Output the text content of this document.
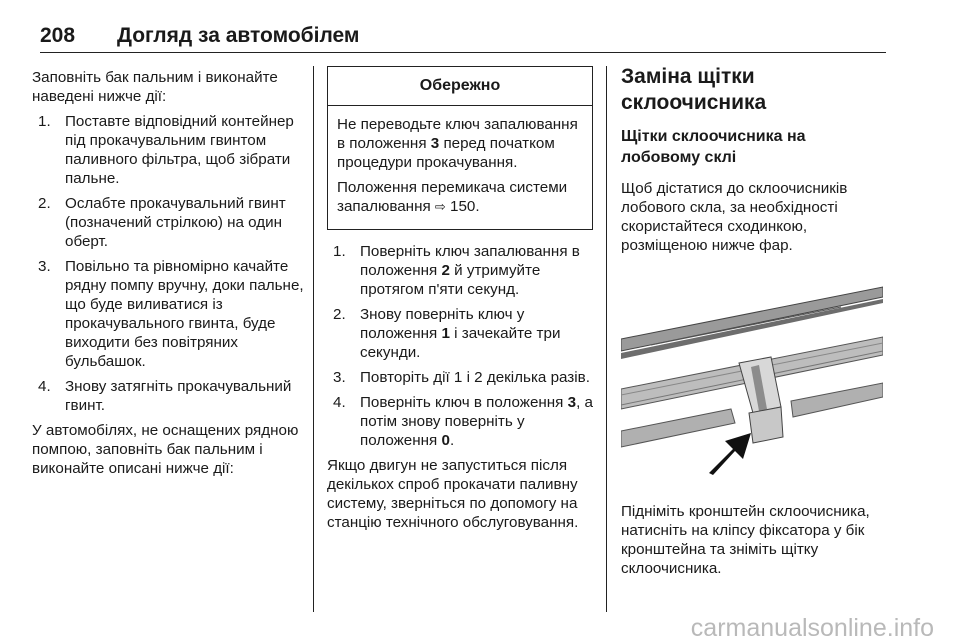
208 Догляд за автомобілем

Заповніть бак пальним і виконайте наведені нижче дії:

1. Поставте відповідний контейнер під прокачувальним гвинтом паливного фільтра, щоб зібрати пальне.
2. Ослабте прокачувальний гвинт (позначений стрілкою) на один оберт.
3. Повільно та рівномірно качайте рядну помпу вручну, доки пальне, що буде виливатися із прокачувального гвинта, буде виходити без повітряних бульбашок.
4. Знову затягніть прокачувальний гвинт.

У автомобілях, не оснащених рядною помпою, заповніть бак пальним і виконайте описані нижче дії:

Обережно

Не переводьте ключ запалювання в положення 3 перед початком процедури прокачування.

Положення перемикача системи запалювання ⇨ 150.

1. Поверніть ключ запалювання в положення 2 й утримуйте протягом п'яти секунд.
2. Знову поверніть ключ у положення 1 і зачекайте три секунди.
3. Повторіть дії 1 і 2 декілька разів.
4. Поверніть ключ в положення 3, а потім знову поверніть у положення 0.

Якщо двигун не запуститься після декількох спроб прокачати паливну систему, зверніться по допомогу на станцію технічного обслуговування.

Заміна щітки склоочисника
Щітки склоочисника на лобовому склі

Щоб дістатися до склоочисників лобового скла, за необхідності скористайтеся сходинкою, розміщеною нижче фар.

Підніміть кронштейн склоочисника, натисніть на кліпсу фіксатора у бік кронштейна та зніміть щітку склоочисника.

carmanualsonline.info
